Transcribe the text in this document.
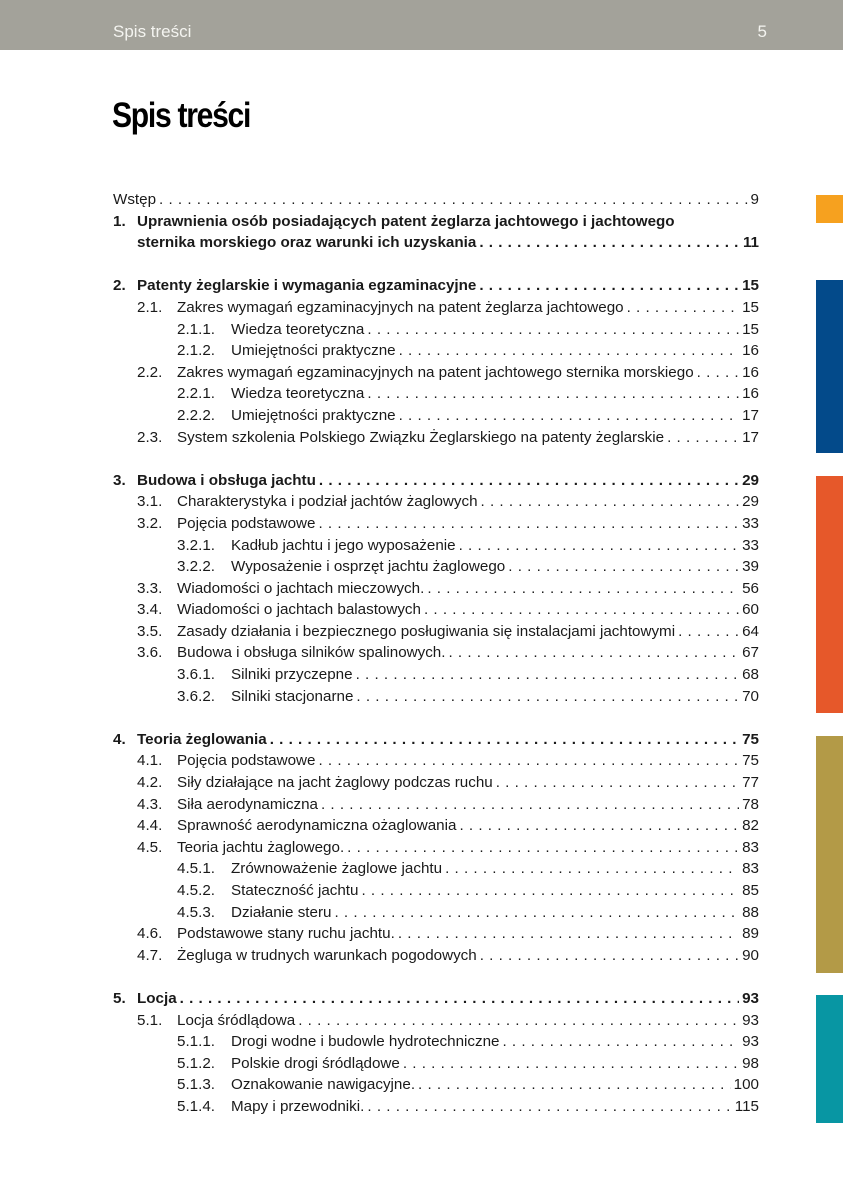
Spis treści	5
Spis treści
Wstęp . . .	9
1. Uprawnienia osób posiadających patent żeglarza jachtowego i jachtowego
sternika morskiego oraz warunki ich uzyskania . . .	11
2. Patenty żeglarskie i wymagania egzaminacyjne . . .	15
2.1. Zakres wymagań egzaminacyjnych na patent żeglarza jachtowego . . .	15
2.1.1.	Wiedza teoretyczna . . .	15
2.1.2.	Umiejętności praktyczne . . .	16
2.2. Zakres wymagań egzaminacyjnych na patent jachtowego sternika morskiego . . .	16
2.2.1.	Wiedza teoretyczna . . .	16
2.2.2.	Umiejętności praktyczne . . .	17
2.3. System szkolenia Polskiego Związku Żeglarskiego na patenty żeglarskie . . .	17
3. Budowa i obsługa jachtu . . .	29
3.1. Charakterystyka i podział jachtów żaglowych . . .	29
3.2. Pojęcia podstawowe . . .	33
3.2.1.	Kadłub jachtu i jego wyposażenie . . .	33
3.2.2.	Wyposażenie i osprzęt jachtu żaglowego . . .	39
3.3. Wiadomości o jachtach mieczowych. . . .	56
3.4. Wiadomości o jachtach balastowych . . .	60
3.5. Zasady działania i bezpiecznego posługiwania się instalacjami jachtowymi . . .	64
3.6. Budowa i obsługa silników spalinowych. . . .	67
3.6.1.	Silniki przyczepne . . .	68
3.6.2.	Silniki stacjonarne . . .	70
4. Teoria żeglowania . . .	75
4.1. Pojęcia podstawowe . . .	75
4.2. Siły działające na jacht żaglowy podczas ruchu . . .	77
4.3. Siła aerodynamiczna . . .	78
4.4. Sprawność aerodynamiczna ożaglowania . . .	82
4.5. Teoria jachtu żaglowego. . . .	83
4.5.1.	Zrównoważenie żaglowe jachtu . . .	83
4.5.2.	Stateczność jachtu . . .	85
4.5.3.	Działanie steru . . .	88
4.6. Podstawowe stany ruchu jachtu. . . .	89
4.7. Żegluga w trudnych warunkach pogodowych . . .	90
5. Locja . . .	93
5.1. Locja śródlądowa . . .	93
5.1.1.	Drogi wodne i budowle hydrotechniczne . . .	93
5.1.2.	Polskie drogi śródlądowe . . .	98
5.1.3.	Oznakowanie nawigacyjne. . . .	100
5.1.4.	Mapy i przewodniki. . . .	115
